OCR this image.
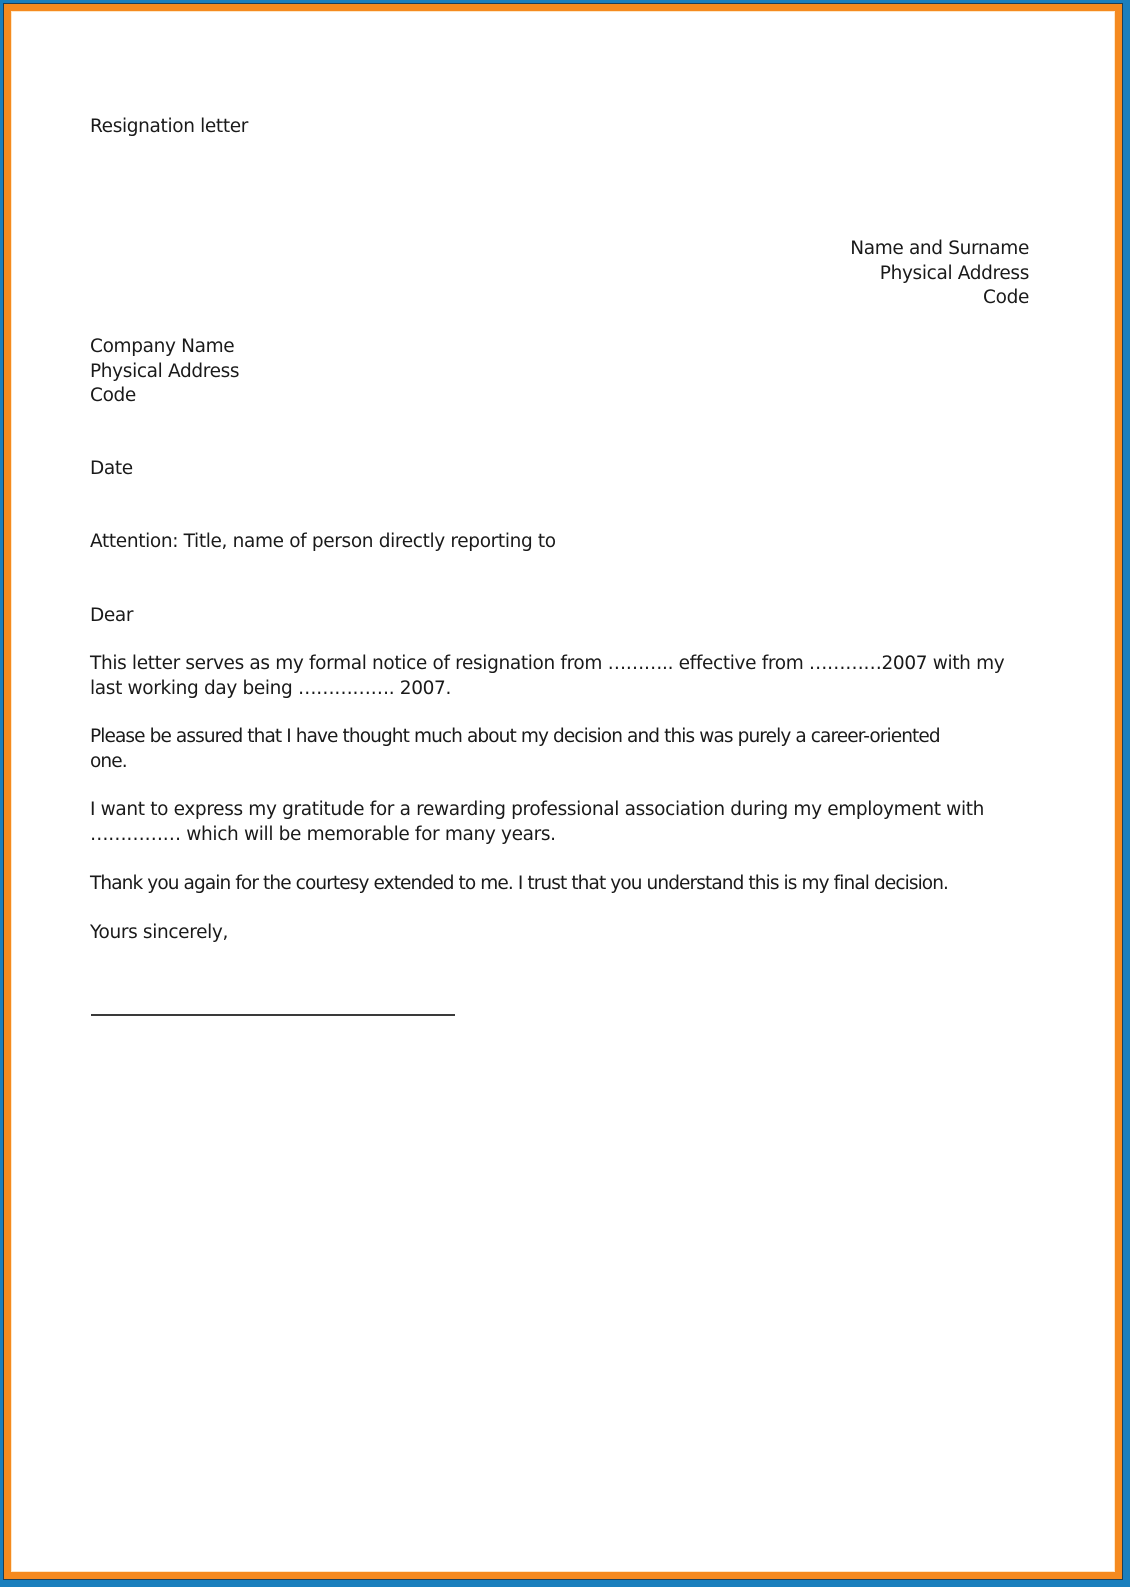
Resignation letter
Name and Surname
Physical Address
Code
Company Name
Physical Address
Code
Date
Attention: Title, name of person directly reporting to
Dear
This letter serves as my formal notice of resignation from ……….. effective from …………2007 with my
last working day being ……………. 2007.
Please be assured that I have thought much about my decision and this was purely a career-oriented
one.
I want to express my gratitude for a rewarding professional association during my employment with
…………… which will be memorable for many years.
Thank you again for the courtesy extended to me. I trust that you understand this is my final decision.
Yours sincerely,
